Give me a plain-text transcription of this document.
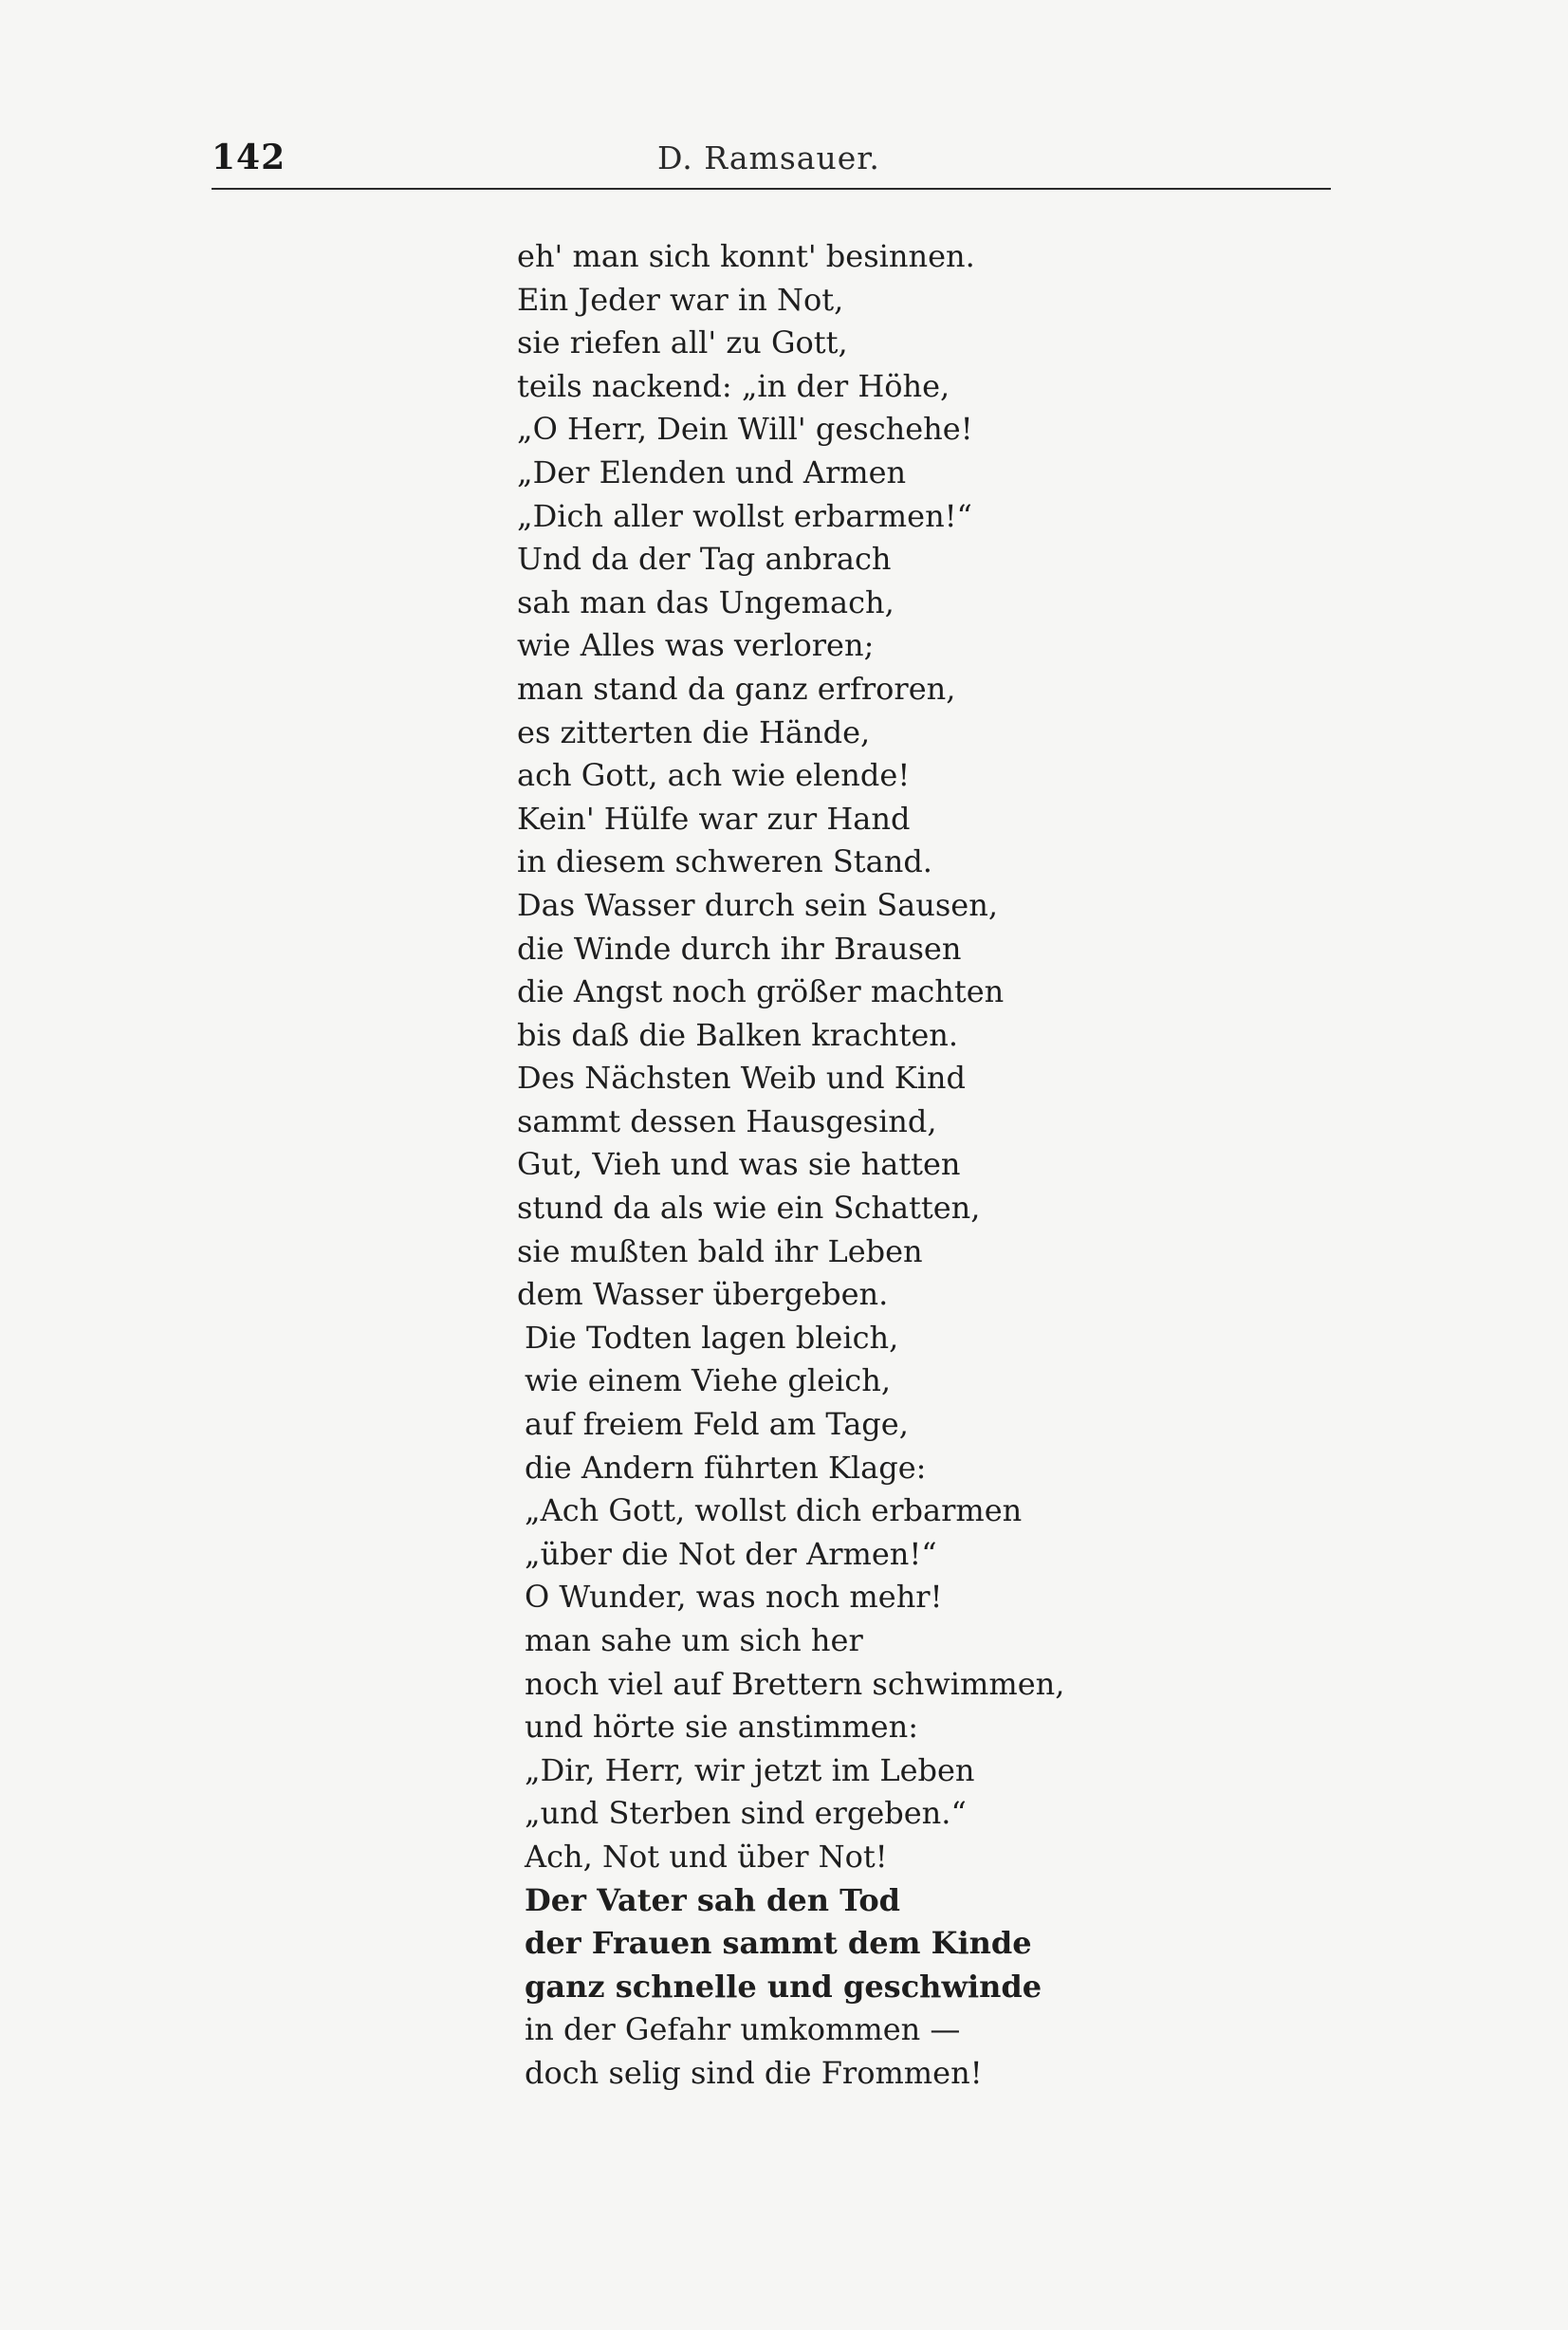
142	D. Ramsauer.
eh' man sich konnt' besinnen.
Ein Jeder war in Not,
sie riefen all' zu Gott,
teils nackend: „in der Höhe,
„O Herr, Dein Will' geschehe!
„Der Elenden und Armen
„Dich aller wollst erbarmen!“
Und da der Tag anbrach
sah man das Ungemach,
wie Alles was verloren;
man stand da ganz erfroren,
es zitterten die Hände,
ach Gott, ach wie elende!
Kein' Hülfe war zur Hand
in diesem schweren Stand.
Das Wasser durch sein Sausen,
die Winde durch ihr Brausen
die Angst noch größer machten
bis daß die Balken krachten.
Des Nächsten Weib und Kind
sammt dessen Hausgesind,
Gut, Vieh und was sie hatten
stund da als wie ein Schatten,
sie mußten bald ihr Leben
dem Wasser übergeben.
Die Todten lagen bleich,
wie einem Viehe gleich,
auf freiem Feld am Tage,
die Andern führten Klage:
„Ach Gott, wollst dich erbarmen
„über die Not der Armen!“
O Wunder, was noch mehr!
man sahe um sich her
noch viel auf Brettern schwimmen,
und hörte sie anstimmen:
„Dir, Herr, wir jetzt im Leben
„und Sterben sind ergeben.“
Ach, Not und über Not!
Der Vater sah den Tod
der Frauen sammt dem Kinde
ganz schnelle und geschwinde
in der Gefahr umkommen —
doch selig sind die Frommen!
